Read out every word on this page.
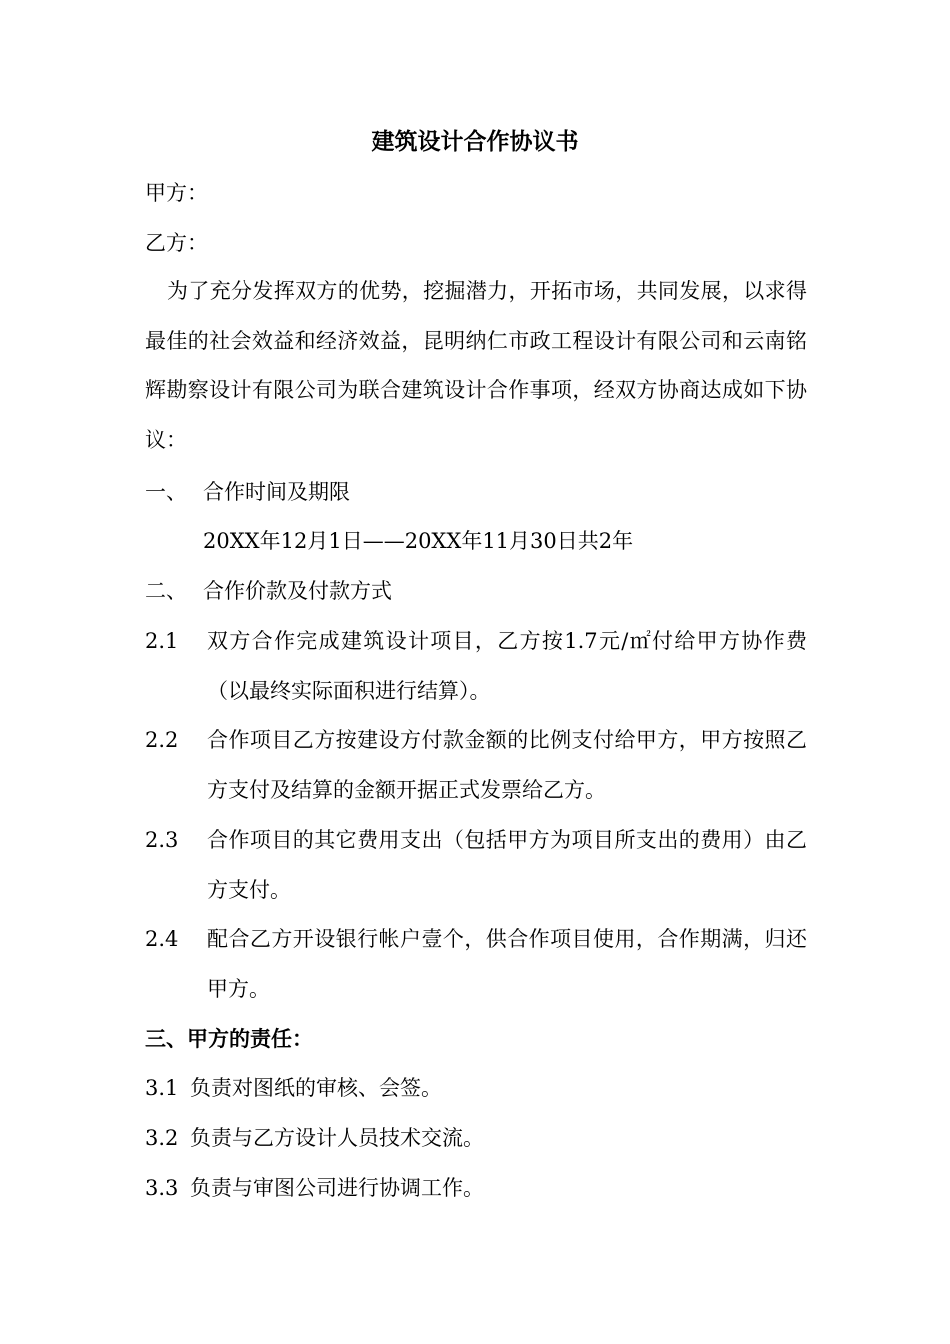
建筑设计合作协议书
甲方：
乙方：
为了充分发挥双方的优势，挖掘潜力，开拓市场，共同发展，以求得最佳的社会效益和经济效益，昆明纳仁市政工程设计有限公司和云南铭辉勘察设计有限公司为联合建筑设计合作事项，经双方协商达成如下协议：
一、 合作时间及期限
20XX年12月1日——20XX年11月30日共2年
二、 合作价款及付款方式
2.1 双方合作完成建筑设计项目，乙方按1.7元/㎡付给甲方协作费（以最终实际面积进行结算）。
2.2 合作项目乙方按建设方付款金额的比例支付给甲方，甲方按照乙方支付及结算的金额开据正式发票给乙方。
2.3 合作项目的其它费用支出（包括甲方为项目所支出的费用）由乙方支付。
2.4 配合乙方开设银行帐户壹个，供合作项目使用，合作期满，归还甲方。
三、甲方的责任：
3.1 负责对图纸的审核、会签。
3.2 负责与乙方设计人员技术交流。
3.3 负责与审图公司进行协调工作。
